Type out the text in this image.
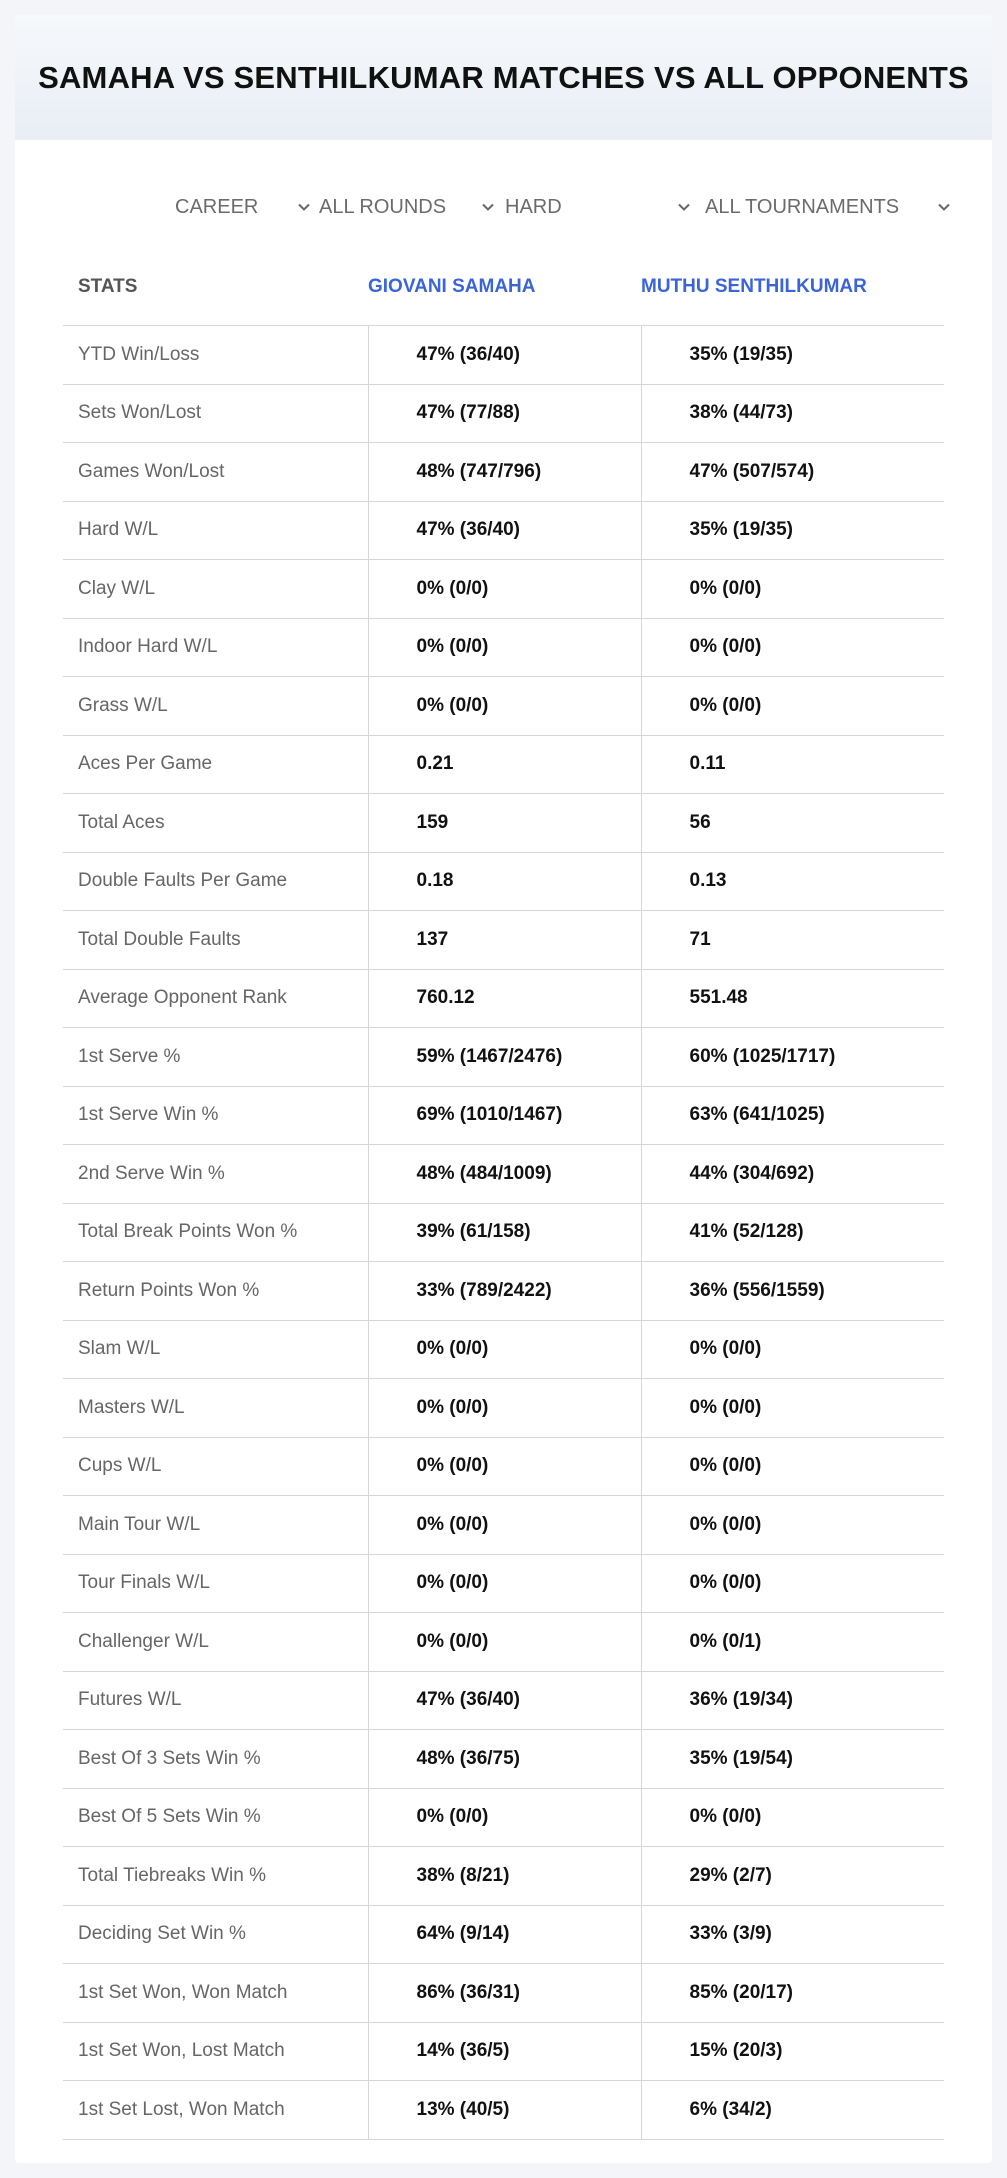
SAMAHA VS SENTHILKUMAR MATCHES VS ALL OPPONENTS
CAREER	ALL ROUNDS	HARD	ALL TOURNAMENTS
STATS	GIOVANI SAMAHA	MUTHU SENTHILKUMAR
YTD Win/Loss	47% (36/40)	35% (19/35)
Sets Won/Lost	47% (77/88)	38% (44/73)
Games Won/Lost	48% (747/796)	47% (507/574)
Hard W/L	47% (36/40)	35% (19/35)
Clay W/L	0% (0/0)	0% (0/0)
Indoor Hard W/L	0% (0/0)	0% (0/0)
Grass W/L	0% (0/0)	0% (0/0)
Aces Per Game	0.21	0.11
Total Aces	159	56
Double Faults Per Game	0.18	0.13
Total Double Faults	137	71
Average Opponent Rank	760.12	551.48
1st Serve %	59% (1467/2476)	60% (1025/1717)
1st Serve Win %	69% (1010/1467)	63% (641/1025)
2nd Serve Win %	48% (484/1009)	44% (304/692)
Total Break Points Won %	39% (61/158)	41% (52/128)
Return Points Won %	33% (789/2422)	36% (556/1559)
Slam W/L	0% (0/0)	0% (0/0)
Masters W/L	0% (0/0)	0% (0/0)
Cups W/L	0% (0/0)	0% (0/0)
Main Tour W/L	0% (0/0)	0% (0/0)
Tour Finals W/L	0% (0/0)	0% (0/0)
Challenger W/L	0% (0/0)	0% (0/1)
Futures W/L	47% (36/40)	36% (19/34)
Best Of 3 Sets Win %	48% (36/75)	35% (19/54)
Best Of 5 Sets Win %	0% (0/0)	0% (0/0)
Total Tiebreaks Win %	38% (8/21)	29% (2/7)
Deciding Set Win %	64% (9/14)	33% (3/9)
1st Set Won, Won Match	86% (36/31)	85% (20/17)
1st Set Won, Lost Match	14% (36/5)	15% (20/3)
1st Set Lost, Won Match	13% (40/5)	6% (34/2)
